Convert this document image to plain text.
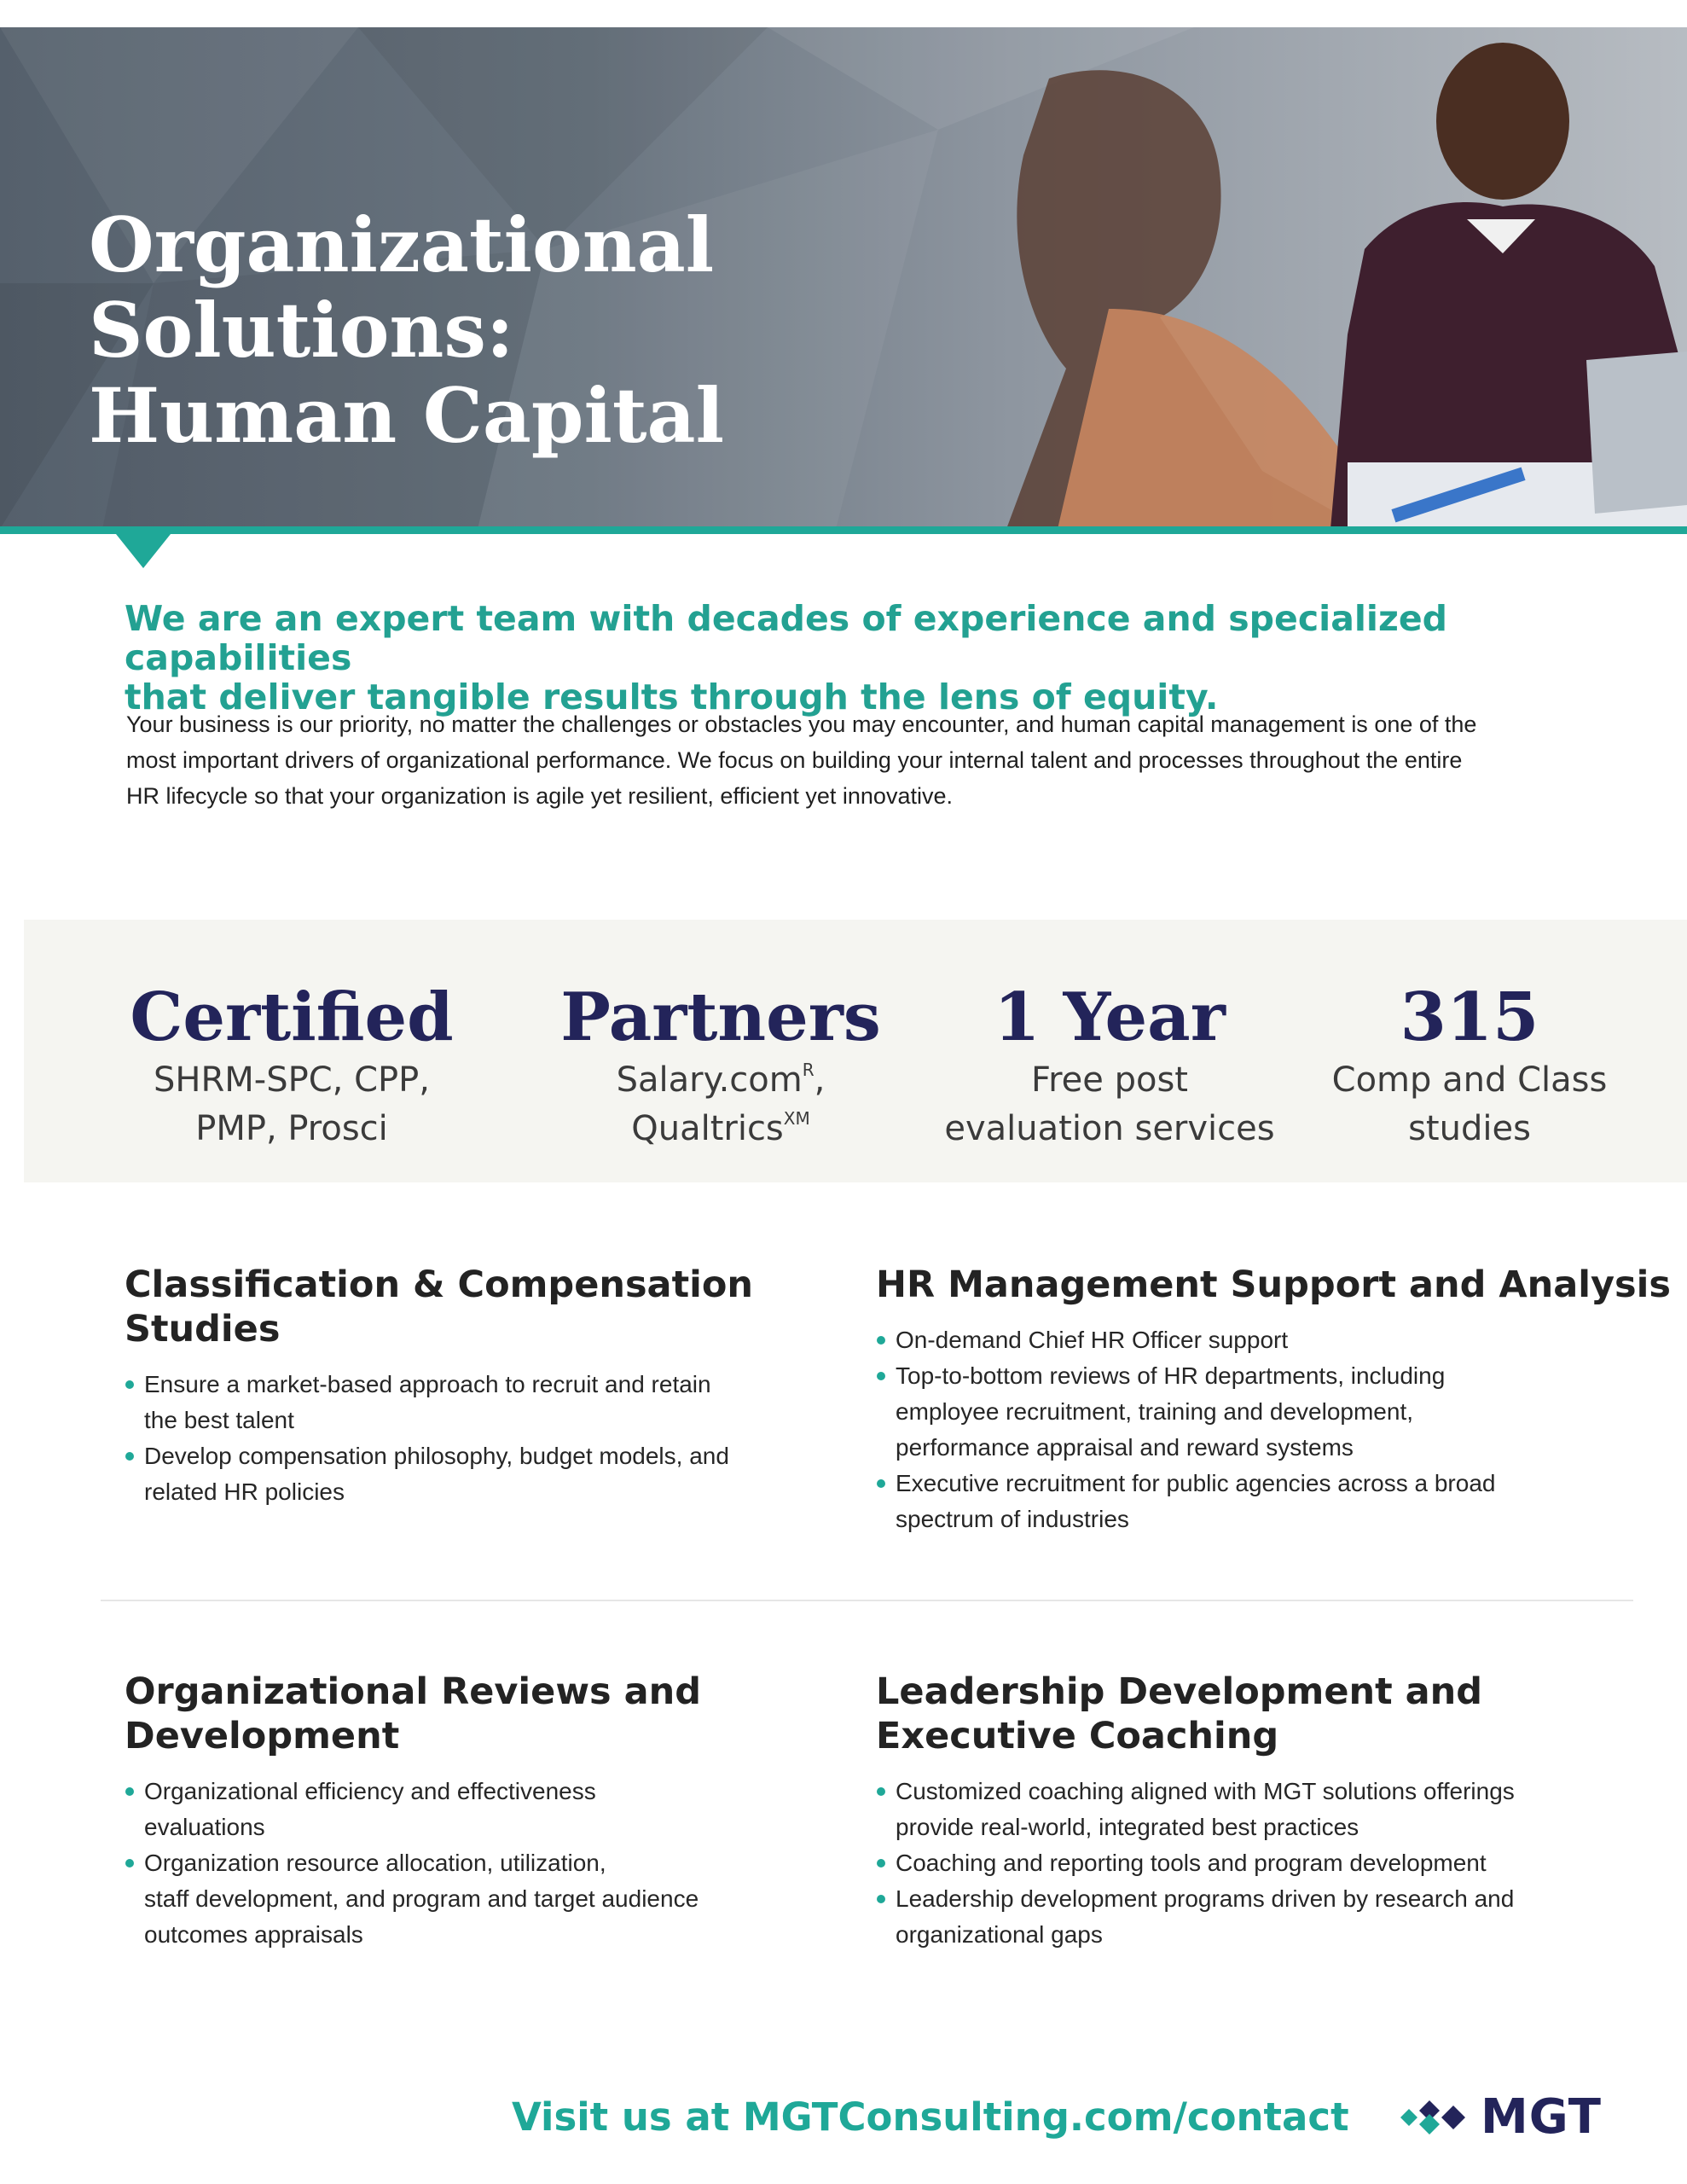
Organizational Solutions:
Human Capital
We are an expert team with decades of experience and specialized capabilities
that deliver tangible results through the lens of equity.
Your business is our priority, no matter the challenges or obstacles you may encounter, and human capital management is one of the
most important drivers of organizational performance. We focus on building your internal talent and processes throughout the entire
HR lifecycle so that your organization is agile yet resilient, efficient yet innovative.
Certified
SHRM-SPC, CPP,
PMP, Prosci
Partners
Salary.com$^R$,
Qualtrics$^{XM}$
1 Year
Free post
evaluation services
315
Comp and Class
studies
Classification & Compensation
Studies
Ensure a market-based approach to recruit and retain
the best talent
Develop compensation philosophy, budget models, and
related HR policies
HR Management Support and Analysis
On-demand Chief HR Officer support
Top-to-bottom reviews of HR departments, including
employee recruitment, training and development,
performance appraisal and reward systems
Executive recruitment for public agencies across a broad
spectrum of industries
Organizational Reviews and
Development
Organizational efficiency and effectiveness
evaluations
Organization resource allocation, utilization,
staff development, and program and target audience
outcomes appraisals
Leadership Development and
Executive Coaching
Customized coaching aligned with MGT solutions offerings
provide real-world, integrated best practices
Coaching and reporting tools and program development
Leadership development programs driven by research and
organizational gaps
Visit us at MGTConsulting.com/contact	MGT
